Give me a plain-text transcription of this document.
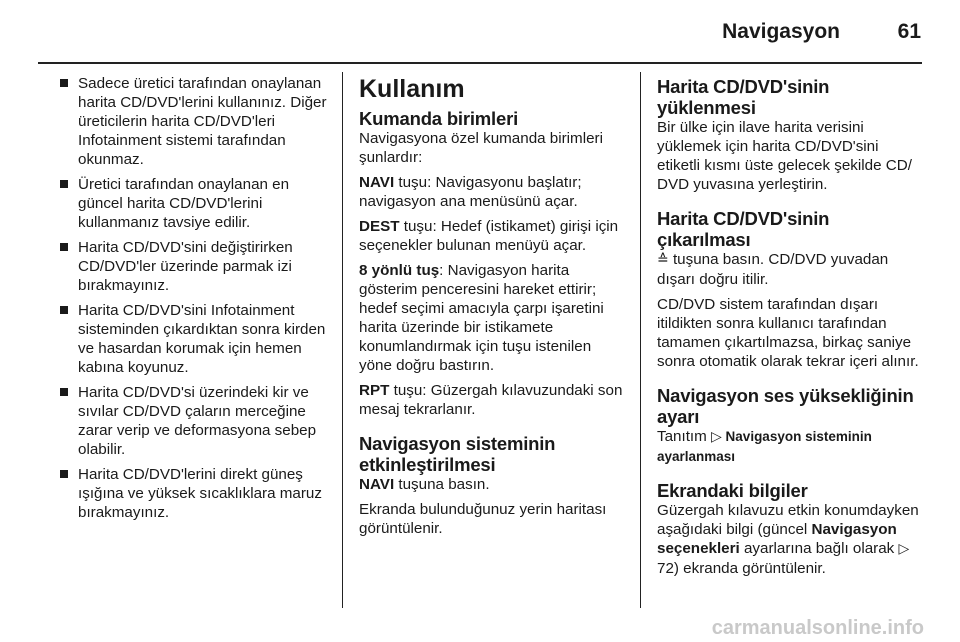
Navigasyon	61
Sadece üretici tarafından onaylanan harita CD/DVD'lerini kullanınız. Diğer üreticilerin harita CD/DVD'leri Infotainment sistemi tarafından okunmaz.
Üretici tarafından onaylanan en güncel harita CD/DVD'lerini kullanmanız tavsiye edilir.
Harita CD/DVD'sini değiştirirken CD/DVD'ler üzerinde parmak izi bırakmayınız.
Harita CD/DVD'sini Infotainment sisteminden çıkardıktan sonra kirden ve hasardan korumak için hemen kabına koyunuz.
Harita CD/DVD'si üzerindeki kir ve sıvılar CD/DVD çaların merceğine zarar verip ve deformasyona sebep olabilir.
Harita CD/DVD'lerini direkt güneş ışığına ve yüksek sıcaklıklara maruz bırakmayınız.
Kullanım
Kumanda birimleri

Navigasyona özel kumanda birimleri şunlardır:

NAVI tuşu: Navigasyonu başlatır; navigasyon ana menüsünü açar.

DEST tuşu: Hedef (istikamet) girişi için seçenekler bulunan menüyü açar.

8 yönlü tuş: Navigasyon harita gösterim penceresini hareket ettirir; hedef seçimi amacıyla çarpı işaretini harita üzerinde bir istikamete konumlandırmak için tuşu istenilen yöne doğru bastırın.

RPT tuşu: Güzergah kılavuzundaki son mesaj tekrarlanır.

Navigasyon sisteminin etkinleştirilmesi

NAVI tuşuna basın.

Ekranda bulunduğunuz yerin haritası görüntülenir.

Harita CD/DVD'sinin yüklenmesi

Bir ülke için ilave harita verisini yüklemek için harita CD/DVD'sini etiketli kısmı üste gelecek şekilde CD/ DVD yuvasına yerleştirin.

Harita CD/DVD'sinin çıkarılması

≙ tuşuna basın. CD/DVD yuvadan dışarı doğru itilir.

CD/DVD sistem tarafından dışarı itildikten sonra kullanıcı tarafından tamamen çıkartılmazsa, birkaç saniye sonra otomatik olarak tekrar içeri alınır.

Navigasyon ses yüksekliğinin ayarı

Tanıtım ▷ Navigasyon sisteminin ayarlanması

Ekrandaki bilgiler

Güzergah kılavuzu etkin konumdayken aşağıdaki bilgi (güncel Navigasyon seçenekleri ayarlarına bağlı olarak ▷ 72) ekranda görüntülenir.

carmanualsonline.info
